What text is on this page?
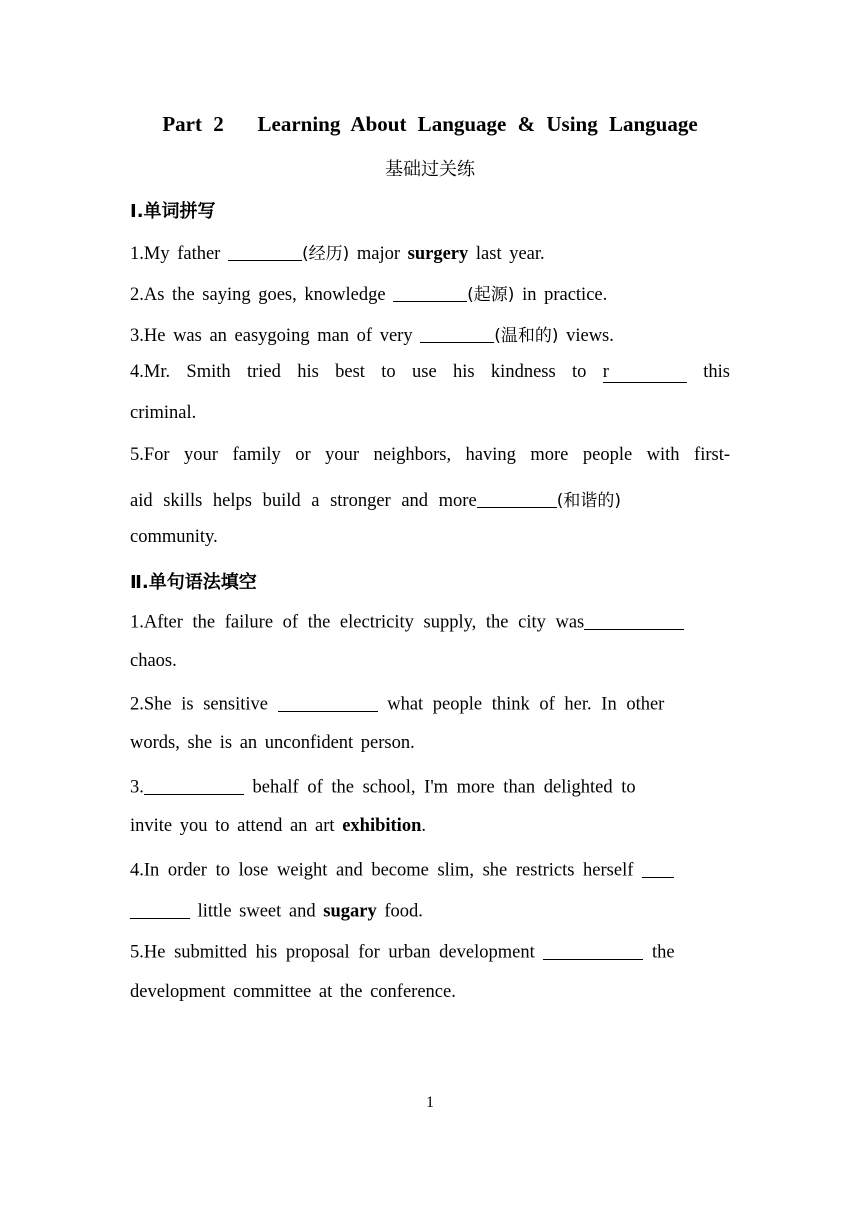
Part 2   Learning About Language & Using Language
基础过关练
Ⅰ.单词拼写
1.My father	(经历) major surgery last year.
2.As the saying goes, knowledge	(起源) in practice.
3.He was an easygoing man of very	(温和的) views.
4.Mr. Smith tried his best to use his kindness to r	this
criminal.
5.For your family or your neighbors, having more people with first-
aid skills helps build a stronger and more	(和谐的)
community.
Ⅱ.单句语法填空
1.After the failure of the electricity supply, the city was
chaos.
2.She is sensitive	what people think of her. In other
words, she is an unconfident person.
3.	behalf of the school, I'm more than delighted to
invite you to attend an art exhibition.
4.In order to lose weight and become slim, she restricts herself
little sweet and sugary food.
5.He submitted his proposal for urban development	the
development committee at the conference.
1
